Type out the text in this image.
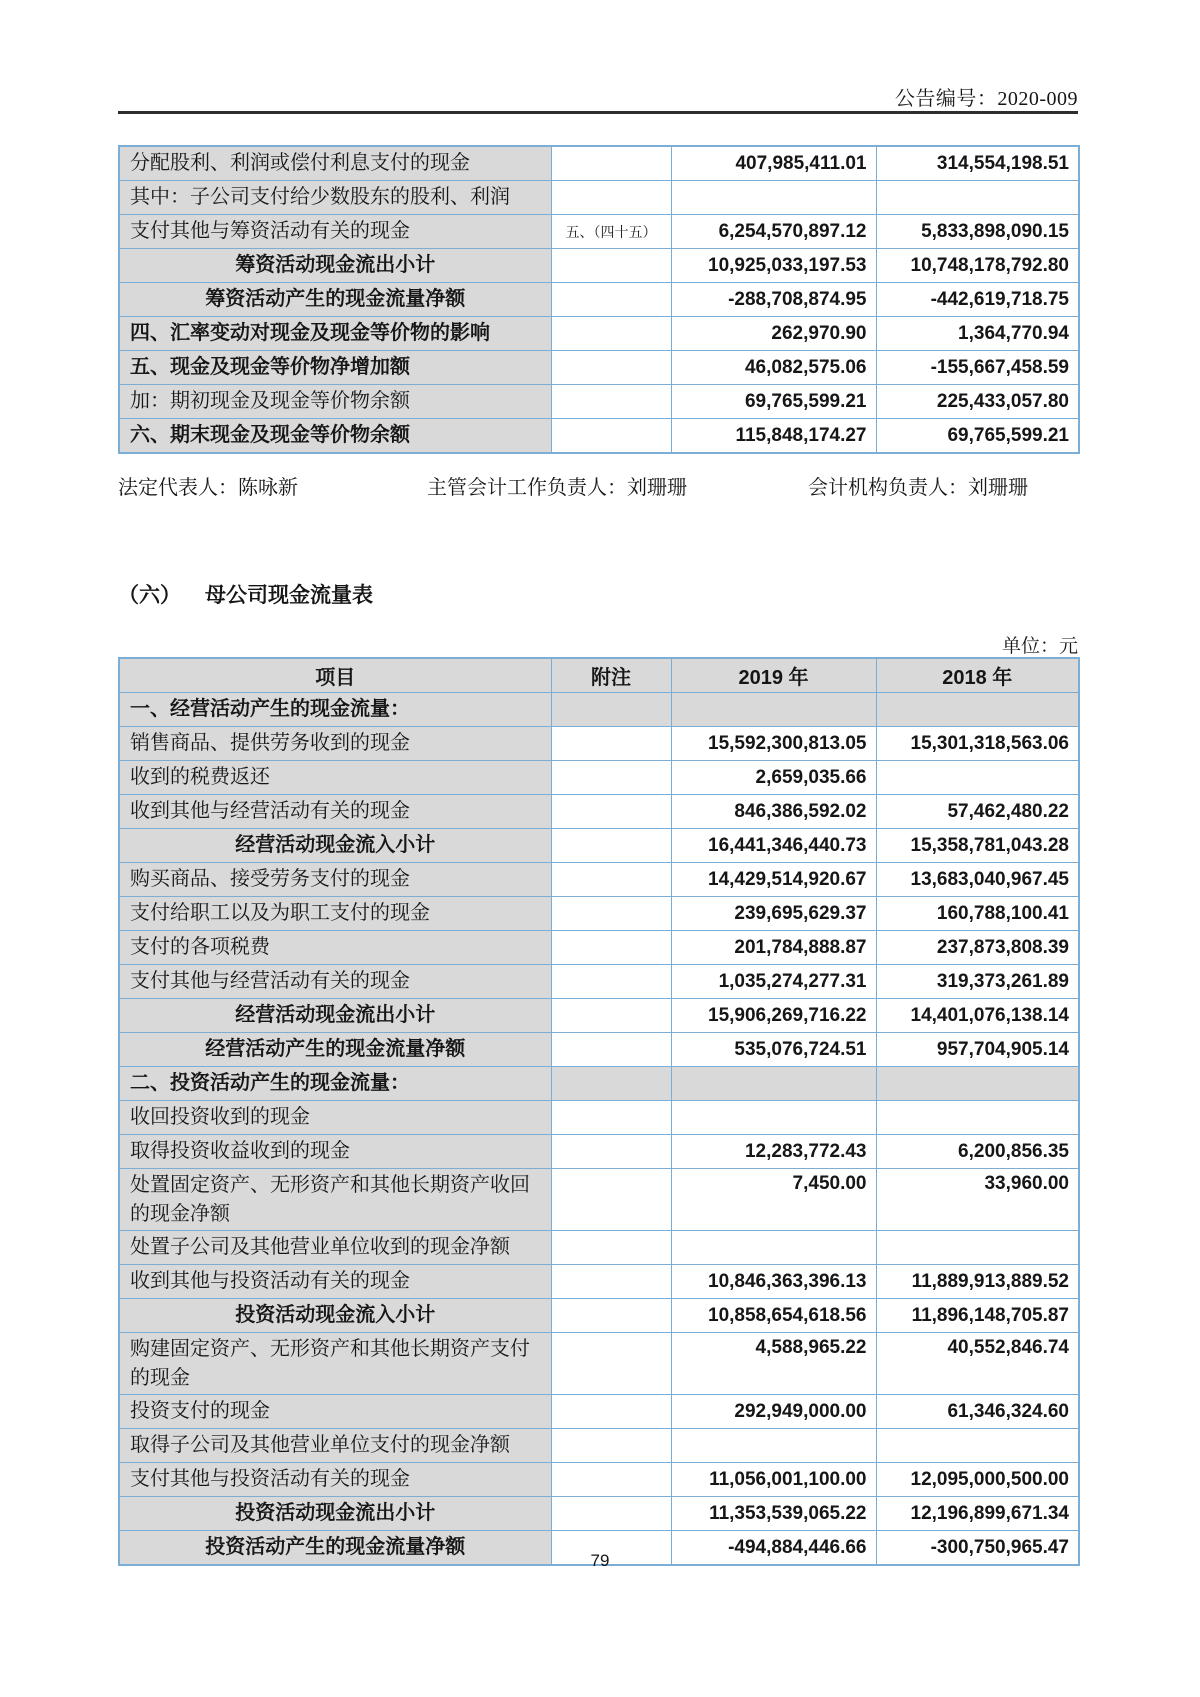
公告编号：2020-009
分配股利、利润或偿付利息支付的现金		407,985,411.01	314,554,198.51
其中：子公司支付给少数股东的股利、利润			
支付其他与筹资活动有关的现金	五、（四十五）	6,254,570,897.12	5,833,898,090.15
筹资活动现金流出小计		10,925,033,197.53	10,748,178,792.80
筹资活动产生的现金流量净额		-288,708,874.95	-442,619,718.75
四、汇率变动对现金及现金等价物的影响		262,970.90	1,364,770.94
五、现金及现金等价物净增加额		46,082,575.06	-155,667,458.59
加：期初现金及现金等价物余额		69,765,599.21	225,433,057.80
六、期末现金及现金等价物余额		115,848,174.27	69,765,599.21
法定代表人：陈咏新	主管会计工作负责人：刘珊珊	会计机构负责人：刘珊珊
（六） 母公司现金流量表
单位：元
项目	附注	2019 年	2018 年
一、经营活动产生的现金流量：			
销售商品、提供劳务收到的现金		15,592,300,813.05	15,301,318,563.06
收到的税费返还		2,659,035.66	
收到其他与经营活动有关的现金		846,386,592.02	57,462,480.22
经营活动现金流入小计		16,441,346,440.73	15,358,781,043.28
购买商品、接受劳务支付的现金		14,429,514,920.67	13,683,040,967.45
支付给职工以及为职工支付的现金		239,695,629.37	160,788,100.41
支付的各项税费		201,784,888.87	237,873,808.39
支付其他与经营活动有关的现金		1,035,274,277.31	319,373,261.89
经营活动现金流出小计		15,906,269,716.22	14,401,076,138.14
经营活动产生的现金流量净额		535,076,724.51	957,704,905.14
二、投资活动产生的现金流量：			
收回投资收到的现金			
取得投资收益收到的现金		12,283,772.43	6,200,856.35
处置固定资产、无形资产和其他长期资产收回的现金净额		7,450.00	33,960.00
处置子公司及其他营业单位收到的现金净额			
收到其他与投资活动有关的现金		10,846,363,396.13	11,889,913,889.52
投资活动现金流入小计		10,858,654,618.56	11,896,148,705.87
购建固定资产、无形资产和其他长期资产支付的现金		4,588,965.22	40,552,846.74
投资支付的现金		292,949,000.00	61,346,324.60
取得子公司及其他营业单位支付的现金净额			
支付其他与投资活动有关的现金		11,056,001,100.00	12,095,000,500.00
投资活动现金流出小计		11,353,539,065.22	12,196,899,671.34
投资活动产生的现金流量净额		-494,884,446.66	-300,750,965.47
79
